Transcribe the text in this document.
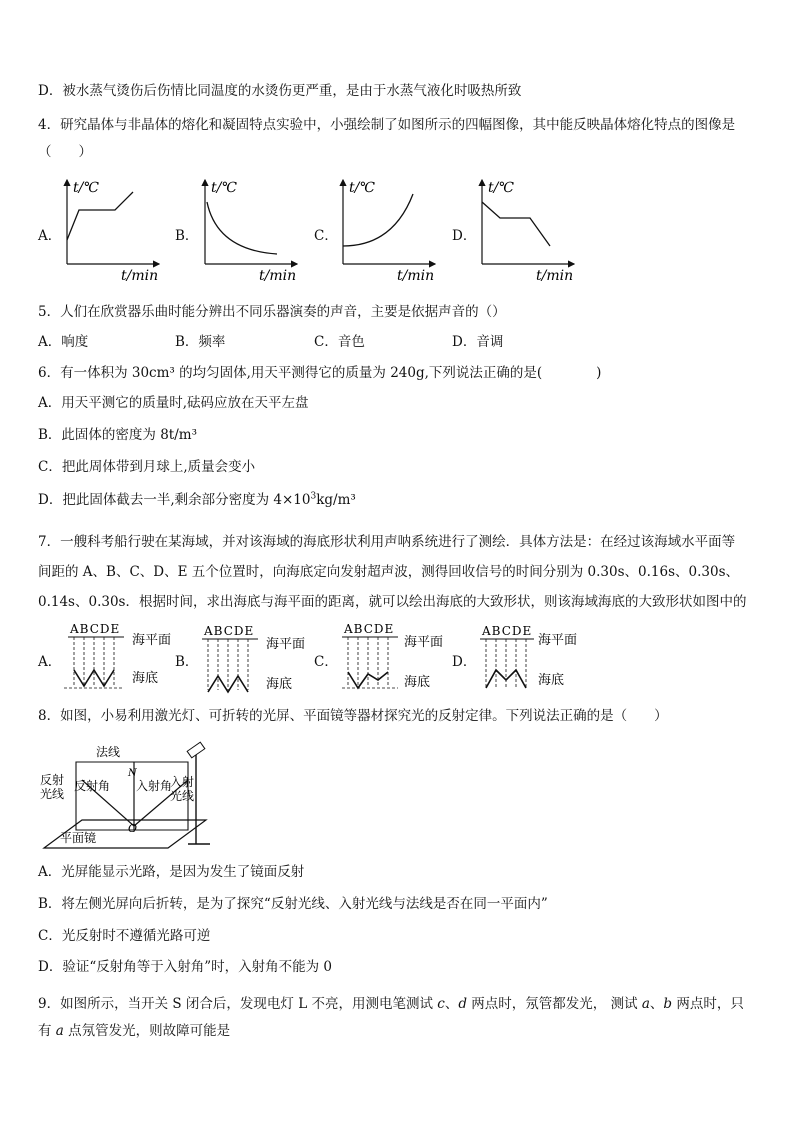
D．被水蒸气烫伤后伤情比同温度的水烫伤更严重，是由于水蒸气液化时吸热所致
4．研究晶体与非晶体的熔化和凝固特点实验中，小强绘制了如图所示的四幅图像，其中能反映晶体熔化特点的图像是
（　　）
A．	B．	C．	D．
t/℃
t/min
t/℃
t/min
t/℃
t/min
t/℃
t/min
5．人们在欣赏器乐曲时能分辨出不同乐器演奏的声音，主要是依据声音的（）
A．响度	B．频率	C．音色	D．音调
6．有一体积为 30cm³ 的均匀固体,用天平测得它的质量为 240g,下列说法正确的是(　　　　)
A．用天平测它的质量时,砝码应放在天平左盘
B．此固体的密度为 8t/m³
C．把此周体带到月球上,质量会变小
D．把此固体截去一半,剩余部分密度为 $4\times 10^3kg/m^3$
7．一艘科考船行驶在某海域，并对该海域的海底形状利用声呐系统进行了测绘．具体方法是：在经过该海域水平面等
间距的 A、B、C、D、E 五个位置时，向海底定向发射超声波，测得回收信号的时间分别为 0.30s、0.16s、0.30s、
0.14s、0.30s．根据时间，求出海底与海平面的距离，就可以绘出海底的大致形状，则该海域海底的大致形状如图中的
A．	B．	C．	D．
ABCDE
海平面
海底
ABCDE
海平面
海底
ABCDE
海平面
海底
ABCDE
海平面
海底
8．如图，小易利用激光灯、可折转的光屏、平面镜等器材探究光的反射定律。下列说法正确的是（　　）
法线
N
反射
光线
反射角 入射角
入射
光线
O
平面镜
A．光屏能显示光路，是因为发生了镜面反射
B．将左侧光屏向后折转，是为了探究“反射光线、入射光线与法线是否在同一平面内”
C．光反射时不遵循光路可逆
D．验证“反射角等于入射角”时，入射角不能为 0
9．如图所示，当开关 S 闭合后，发现电灯 L 不亮，用测电笔测试 c、d 两点时，氖管都发光， 测试 a、b 两点时，只
有 a 点氖管发光，则故障可能是
